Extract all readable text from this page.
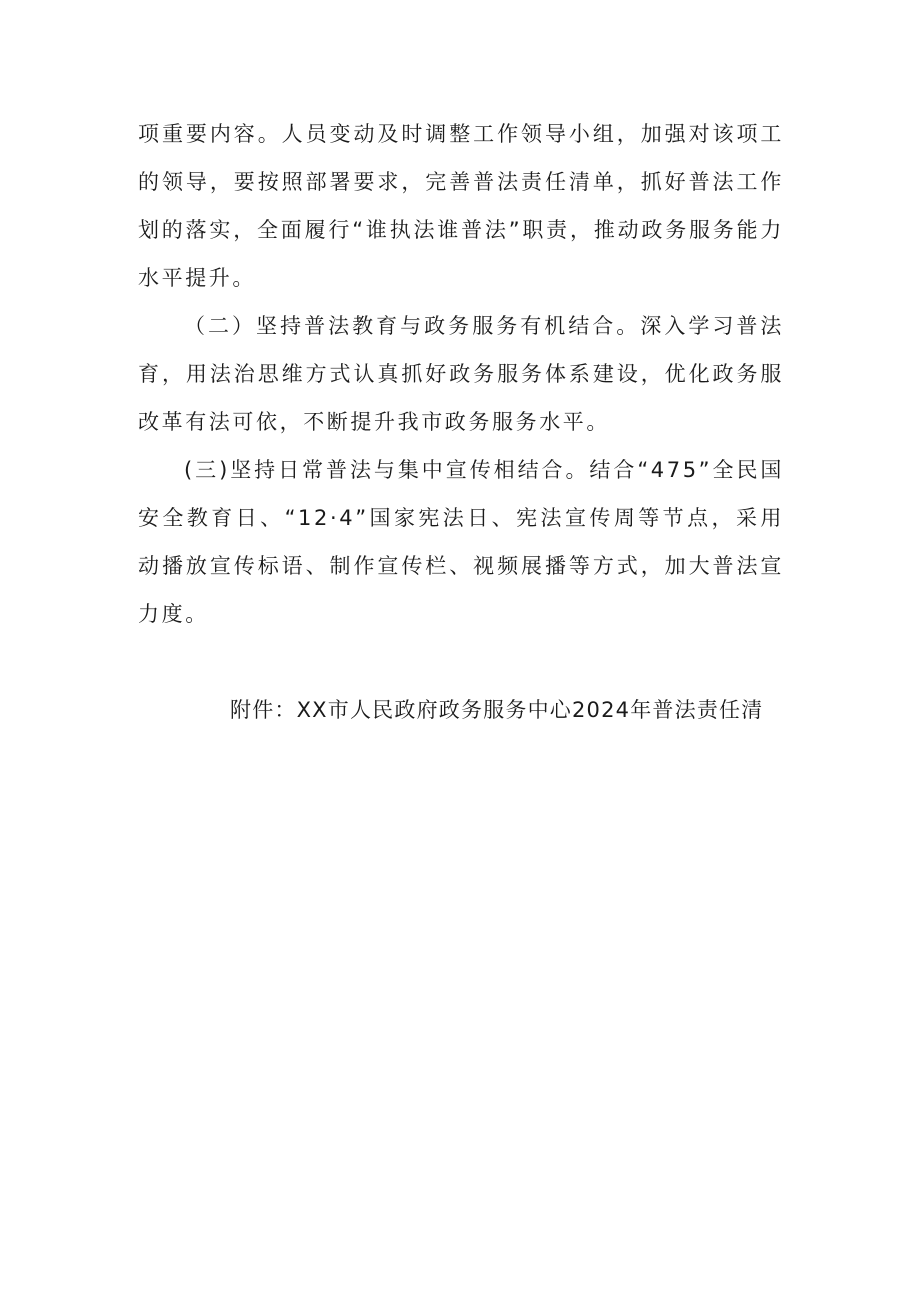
项重要内容。人员变动及时调整工作领导小组，加强对该项工
的领导，要按照部署要求，完善普法责任清单，抓好普法工作
划的落实，全面履行“谁执法谁普法”职责，推动政务服务能力
水平提升。
（二）坚持普法教育与政务服务有机结合。深入学习普法
育，用法治思维方式认真抓好政务服务体系建设，优化政务服
改革有法可依，不断提升我市政务服务水平。
(三)坚持日常普法与集中宣传相结合。结合“475”全民国
安全教育日、“12·4”国家宪法日、宪法宣传周等节点，采用
动播放宣传标语、制作宣传栏、视频展播等方式，加大普法宣
力度。
附件：XX市人民政府政务服务中心2024年普法责任清
